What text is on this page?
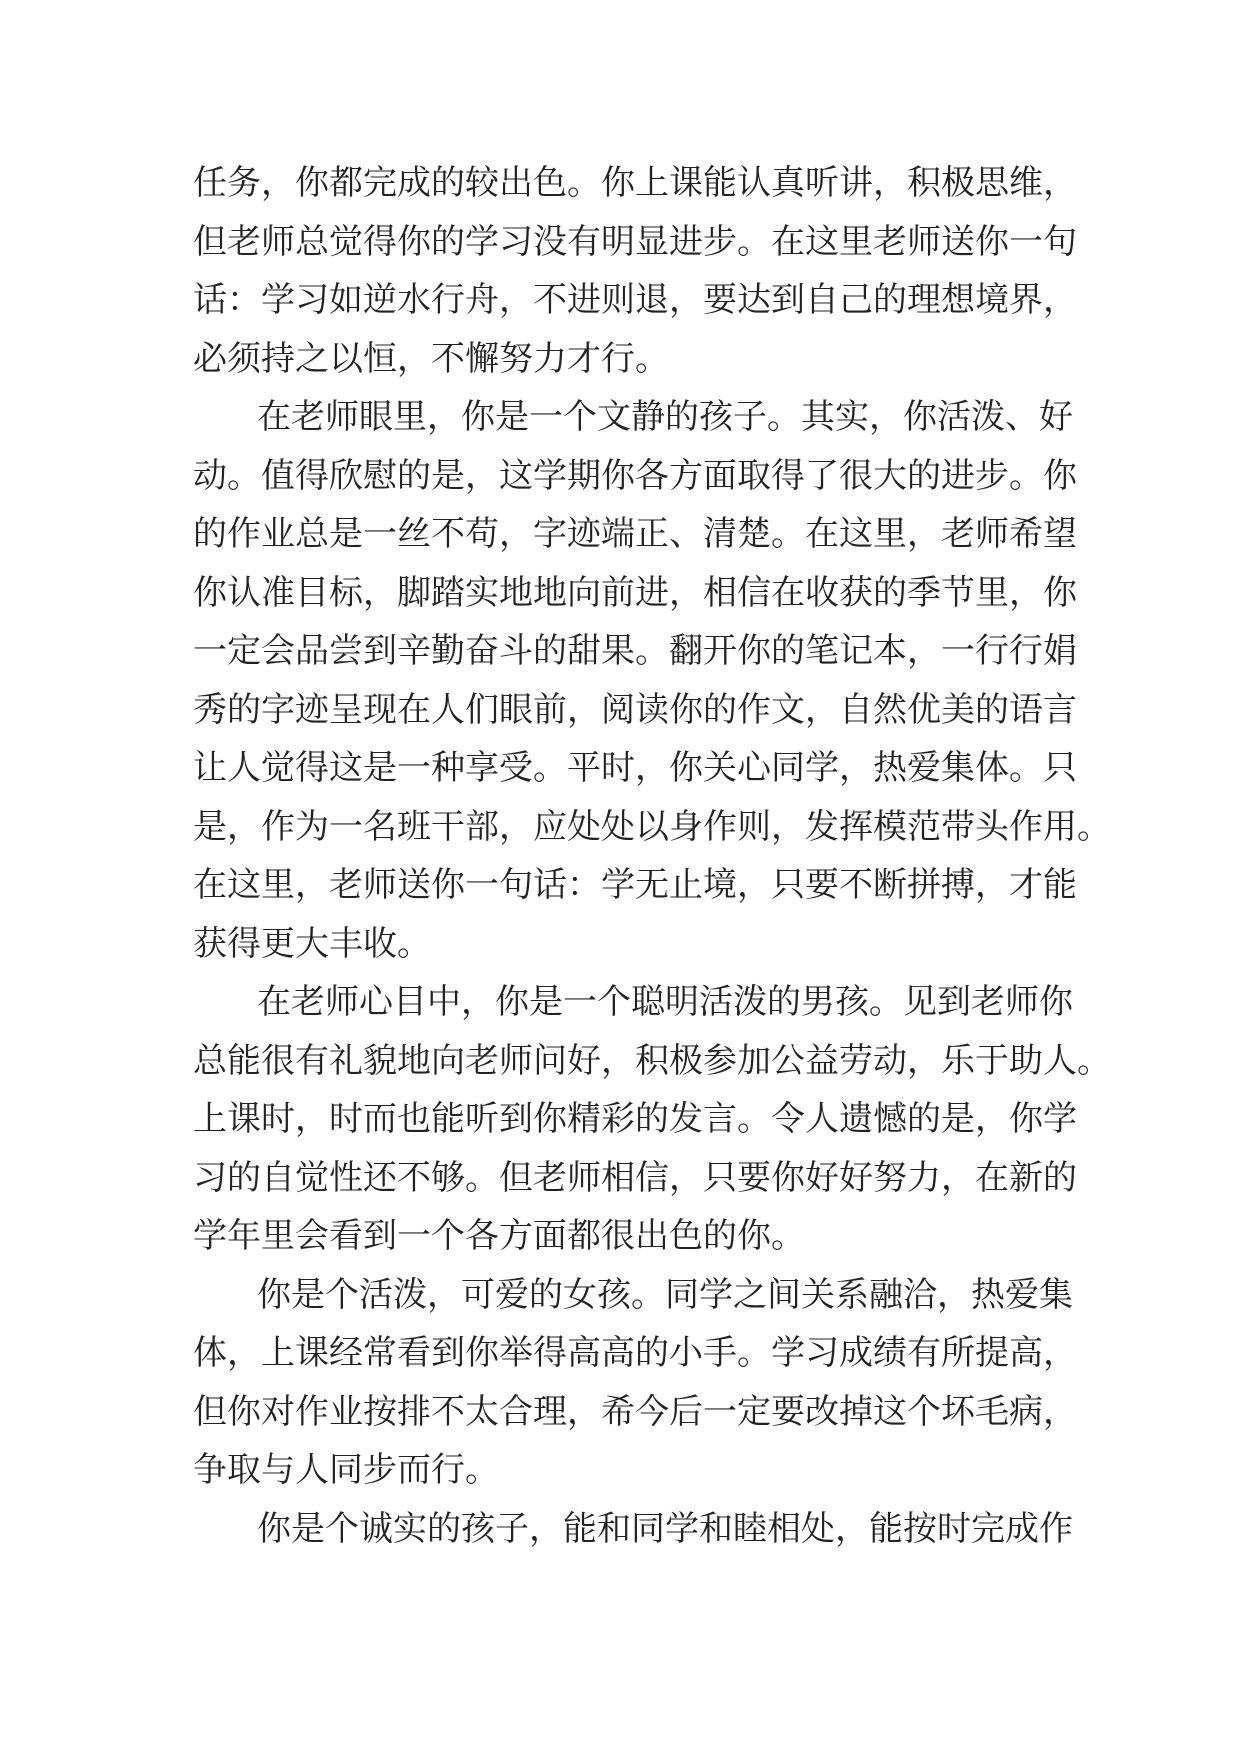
任务，你都完成的较出色。你上课能认真听讲，积极思维，
但老师总觉得你的学习没有明显进步。在这里老师送你一句
话：学习如逆水行舟，不进则退，要达到自己的理想境界，
必须持之以恒，不懈努力才行。
在老师眼里，你是一个文静的孩子。其实，你活泼、好
动。值得欣慰的是，这学期你各方面取得了很大的进步。你
的作业总是一丝不苟，字迹端正、清楚。在这里，老师希望
你认准目标，脚踏实地地向前进，相信在收获的季节里，你
一定会品尝到辛勤奋斗的甜果。翻开你的笔记本，一行行娟
秀的字迹呈现在人们眼前，阅读你的作文，自然优美的语言
让人觉得这是一种享受。平时，你关心同学，热爱集体。只
是，作为一名班干部，应处处以身作则，发挥模范带头作用。
在这里，老师送你一句话：学无止境，只要不断拼搏，才能
获得更大丰收。
在老师心目中，你是一个聪明活泼的男孩。见到老师你
总能很有礼貌地向老师问好，积极参加公益劳动，乐于助人。
上课时，时而也能听到你精彩的发言。令人遗憾的是，你学
习的自觉性还不够。但老师相信，只要你好好努力，在新的
学年里会看到一个各方面都很出色的你。
你是个活泼，可爱的女孩。同学之间关系融洽，热爱集
体，上课经常看到你举得高高的小手。学习成绩有所提高，
但你对作业按排不太合理，希今后一定要改掉这个坏毛病，
争取与人同步而行。
你是个诚实的孩子，能和同学和睦相处，能按时完成作
